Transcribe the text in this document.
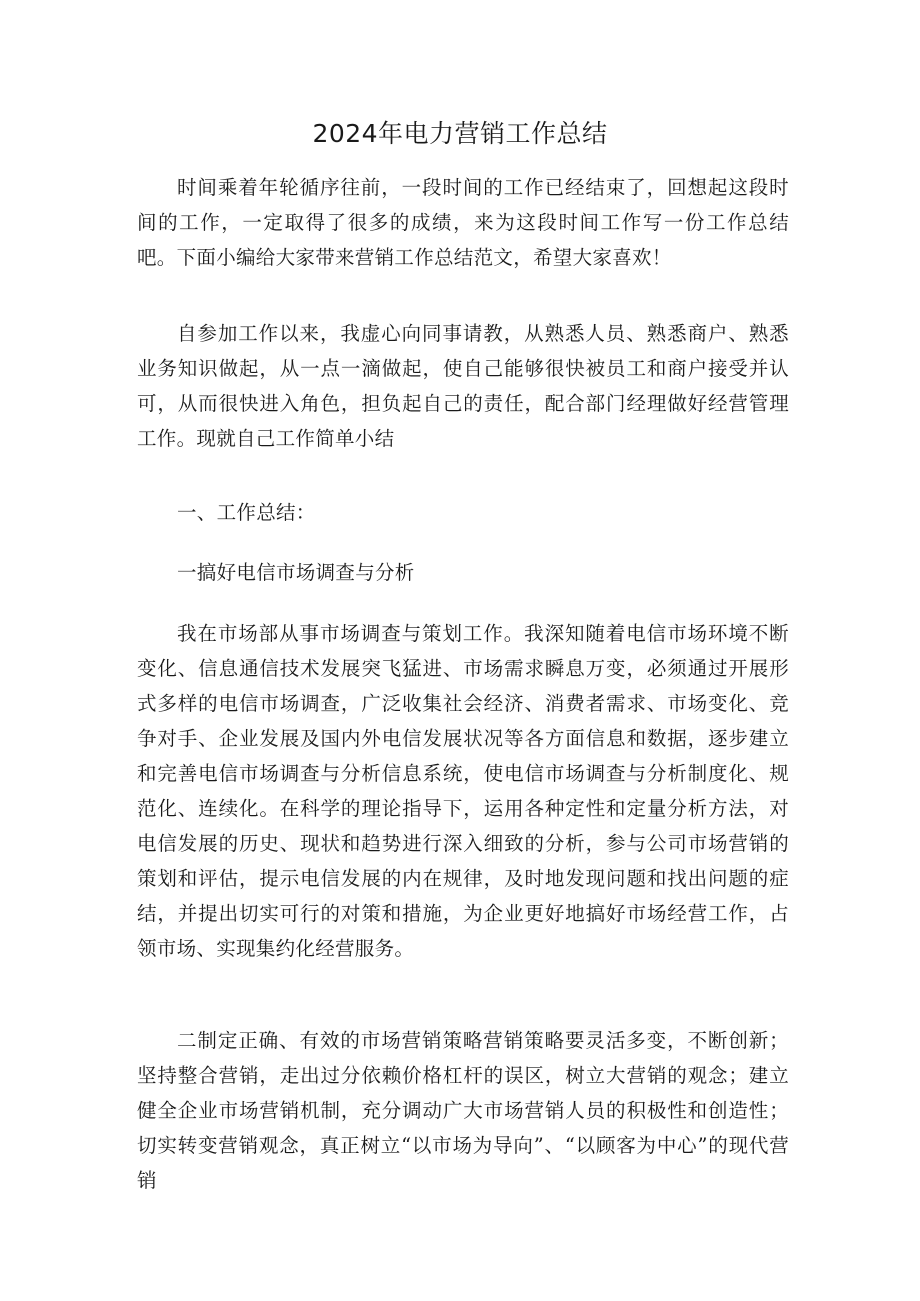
2024年电力营销工作总结

时间乘着年轮循序往前，一段时间的工作已经结束了，回想起这段时间的工作，一定取得了很多的成绩，来为这段时间工作写一份工作总结吧。下面小编给大家带来营销工作总结范文，希望大家喜欢！

自参加工作以来，我虚心向同事请教，从熟悉人员、熟悉商户、熟悉业务知识做起，从一点一滴做起，使自己能够很快被员工和商户接受并认可，从而很快进入角色，担负起自己的责任，配合部门经理做好经营管理工作。现就自己工作简单小结

一、工作总结：

一搞好电信市场调查与分析

我在市场部从事市场调查与策划工作。我深知随着电信市场环境不断变化、信息通信技术发展突飞猛进、市场需求瞬息万变，必须通过开展形式多样的电信市场调查，广泛收集社会经济、消费者需求、市场变化、竞争对手、企业发展及国内外电信发展状况等各方面信息和数据，逐步建立和完善电信市场调查与分析信息系统，使电信市场调查与分析制度化、规范化、连续化。在科学的理论指导下，运用各种定性和定量分析方法，对电信发展的历史、现状和趋势进行深入细致的分析，参与公司市场营销的策划和评估，提示电信发展的内在规律，及时地发现问题和找出问题的症结，并提出切实可行的对策和措施，为企业更好地搞好市场经营工作，占领市场、实现集约化经营服务。

二制定正确、有效的市场营销策略营销策略要灵活多变，不断创新；坚持整合营销，走出过分依赖价格杠杆的误区，树立大营销的观念；建立健全企业市场营销机制，充分调动广大市场营销人员的积极性和创造性；切实转变营销观念，真正树立“以市场为导向”、“以顾客为中心”的现代营销
